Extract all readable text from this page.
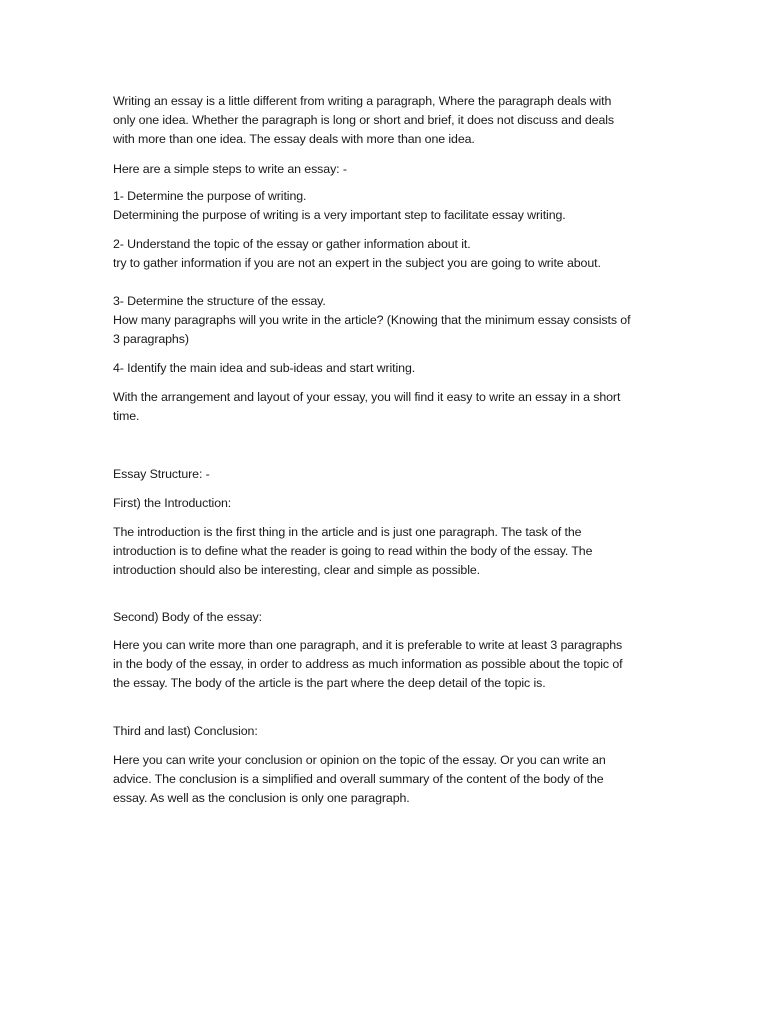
Writing an essay is a little different from writing a paragraph, Where the paragraph deals with
only one idea. Whether the paragraph is long or short and brief, it does not discuss and deals
with more than one idea. The essay deals with more than one idea.

Here are a simple steps to write an essay: -

1- Determine the purpose of writing.
Determining the purpose of writing is a very important step to facilitate essay writing.

2- Understand the topic of the essay or gather information about it.
try to gather information if you are not an expert in the subject you are going to write about.

3- Determine the structure of the essay.
How many paragraphs will you write in the article? (Knowing that the minimum essay consists of
3 paragraphs)

4- Identify the main idea and sub-ideas and start writing.

With the arrangement and layout of your essay, you will find it easy to write an essay in a short
time.

Essay Structure: -

First) the Introduction:

The introduction is the first thing in the article and is just one paragraph. The task of the
introduction is to define what the reader is going to read within the body of the essay. The
introduction should also be interesting, clear and simple as possible.

Second) Body of the essay:

Here you can write more than one paragraph, and it is preferable to write at least 3 paragraphs
in the body of the essay, in order to address as much information as possible about the topic of
the essay. The body of the article is the part where the deep detail of the topic is.

Third and last) Conclusion:

Here you can write your conclusion or opinion on the topic of the essay. Or you can write an
advice. The conclusion is a simplified and overall summary of the content of the body of the
essay. As well as the conclusion is only one paragraph.
